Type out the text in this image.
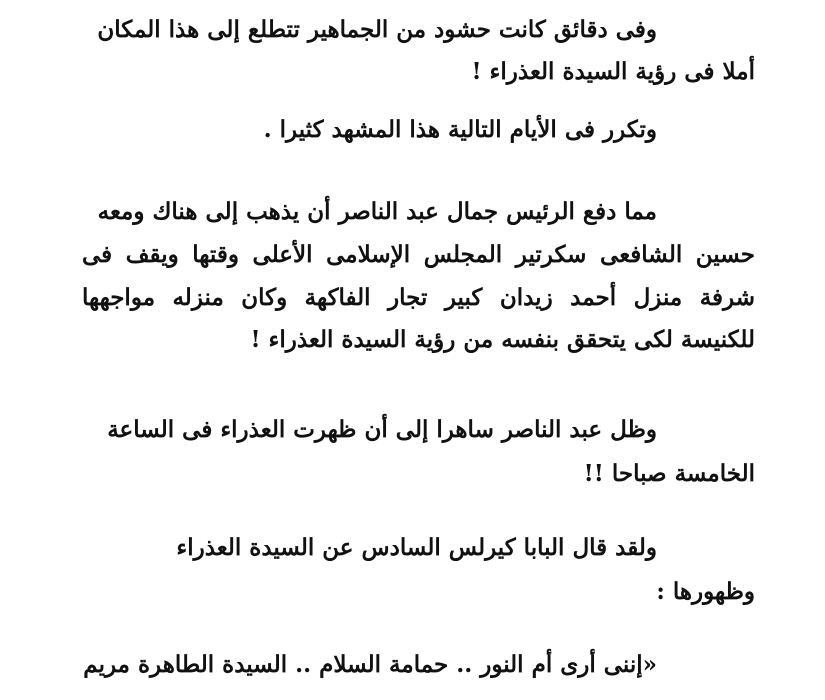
وفى دقائق كانت حشود من الجماهير تتطلع إلى هذا المكان
أملا فى رؤية السيدة العذراء !
وتكرر فى الأيام التالية هذا المشهد كثيرا .
مما دفع الرئيس جمال عبد الناصر أن يذهب إلى هناك ومعه
حسين الشافعى سكرتير المجلس الإسلامى الأعلى وقتها ويقف فى
شرفة منزل أحمد زيدان كبير تجار الفاكهة وكان منزله مواجهها
للكنيسة لكى يتحقق بنفسه من رؤية السيدة العذراء !
وظل عبد الناصر ساهرا إلى أن ظهرت العذراء فى الساعة
الخامسة صباحا !!
ولقد قال البابا كيرلس السادس عن السيدة العذراء
وظهورها :
«إننى أرى أم النور .. حمامة السلام .. السيدة الطاهرة مريم
